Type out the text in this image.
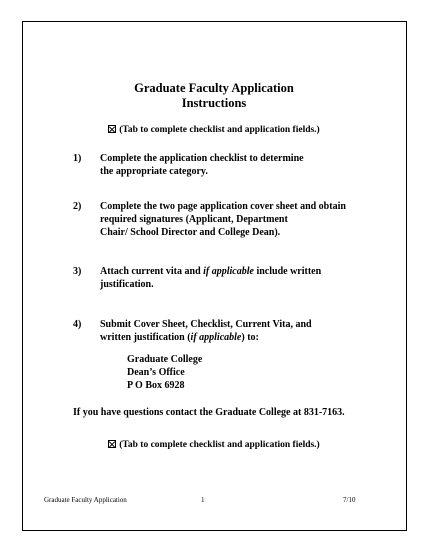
Graduate Faculty Application
Instructions
(Tab to complete checklist and application fields.)
1) Complete the application checklist to determine
the appropriate category.
2) Complete the two page application cover sheet and obtain
required signatures (Applicant, Department
Chair/ School Director and College Dean).
3) Attach current vita and if applicable include written
justification.
4) Submit Cover Sheet, Checklist, Current Vita, and
written justification (if applicable) to:
Graduate College
Dean’s Office
P O Box 6928
If you have questions contact the Graduate College at 831-7163.
(Tab to complete checklist and application fields.)
Graduate Faculty Application	1	7/10
